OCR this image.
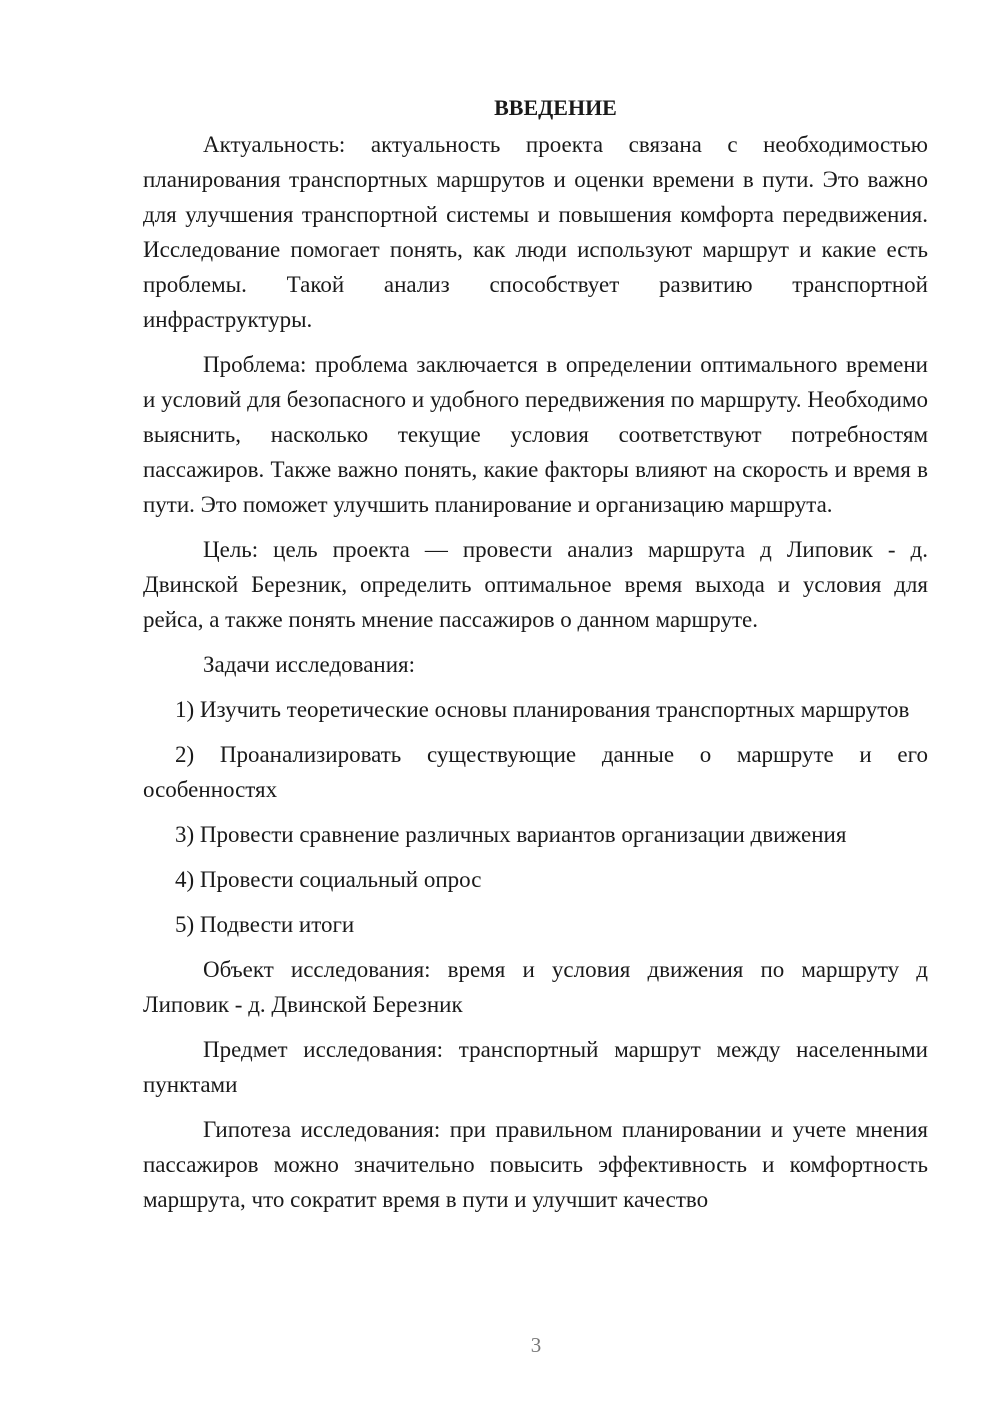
ВВЕДЕНИЕ

Актуальность: актуальность проекта связана с необходимостью планирования транспортных маршрутов и оценки времени в пути. Это важно для улучшения транспортной системы и повышения комфорта передвижения. Исследование помогает понять, как люди используют маршрут и какие есть проблемы. Такой анализ способствует развитию транспортной инфраструктуры.

Проблема: проблема заключается в определении оптимального времени и условий для безопасного и удобного передвижения по маршруту. Необходимо выяснить, насколько текущие условия соответствуют потребностям пассажиров. Также важно понять, какие факторы влияют на скорость и время в пути. Это поможет улучшить планирование и организацию маршрута.

Цель: цель проекта — провести анализ маршрута д Липовик - д. Двинской Березник, определить оптимальное время выхода и условия для рейса, а также понять мнение пассажиров о данном маршруте.

Задачи исследования:

1) Изучить теоретические основы планирования транспортных маршрутов

2) Проанализировать существующие данные о маршруте и его особенностях

3) Провести сравнение различных вариантов организации движения

4) Провести социальный опрос

5) Подвести итоги

Объект исследования: время и условия движения по маршруту д Липовик - д. Двинской Березник

Предмет исследования: транспортный маршрут между населенными пунктами

Гипотеза исследования: при правильном планировании и учете мнения пассажиров можно значительно повысить эффективность и комфортность маршрута, что сократит время в пути и улучшит качество

3
